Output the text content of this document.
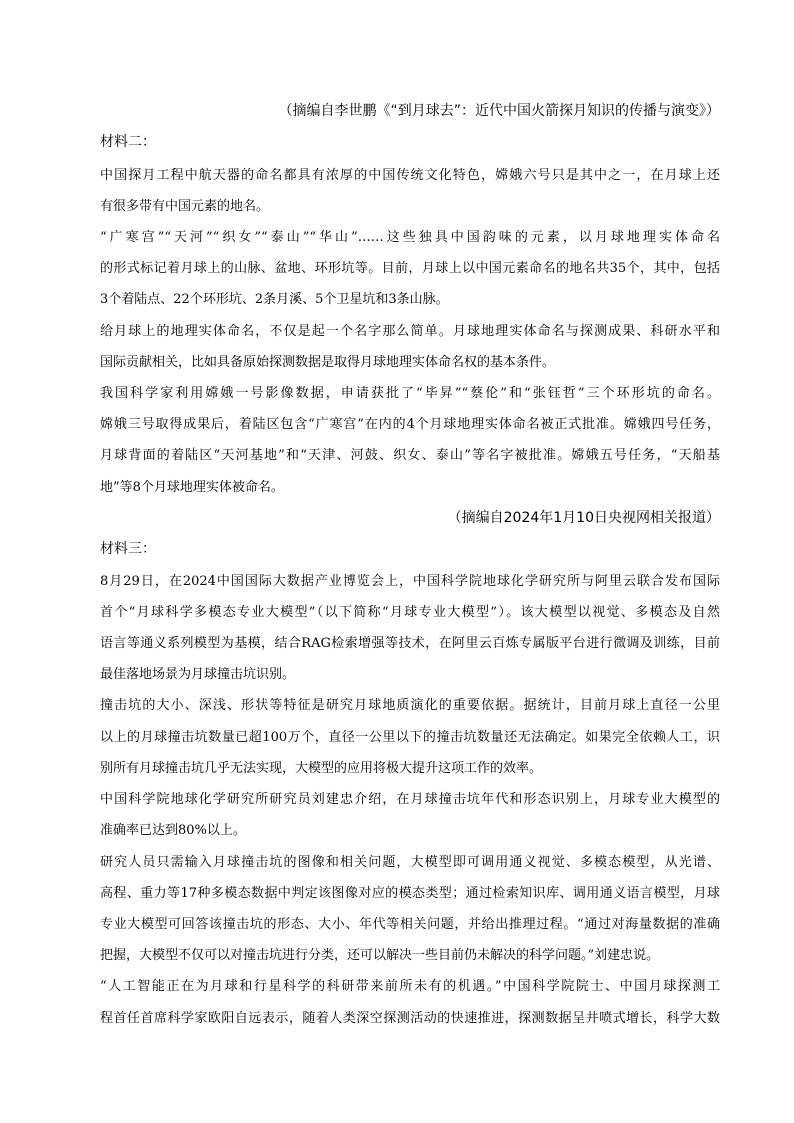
（摘编自李世鹏《“到月球去”：近代中国火箭探月知识的传播与演变》）
材料二：
中国探月工程中航天器的命名都具有浓厚的中国传统文化特色，嫦娥六号只是其中之一，在月球上还
有很多带有中国元素的地名。
“广寒宫”“天河”“织女”“泰山”“华山”……这些独具中国韵味的元素，以月球地理实体命名
的形式标记着月球上的山脉、盆地、环形坑等。目前，月球上以中国元素命名的地名共35个，其中，包括
3个着陆点、22个环形坑、2条月溪、5个卫星坑和3条山脉。
给月球上的地理实体命名，不仅是起一个名字那么简单。月球地理实体命名与探测成果、科研水平和
国际贡献相关，比如具备原始探测数据是取得月球地理实体命名权的基本条件。
我国科学家利用嫦娥一号影像数据，申请获批了“毕昇”“蔡伦”和“张钰哲”三个环形坑的命名。
嫦娥三号取得成果后，着陆区包含“广寒宫”在内的4个月球地理实体命名被正式批准。嫦娥四号任务，
月球背面的着陆区“天河基地”和“天津、河鼓、织女、泰山”等名字被批准。嫦娥五号任务，“天船基
地”等8个月球地理实体被命名。
（摘编自2024年1月10日央视网相关报道）
材料三：
8月29日，在2024中国国际大数据产业博览会上，中国科学院地球化学研究所与阿里云联合发布国际
首个“月球科学多模态专业大模型”（以下简称“月球专业大模型”）。该大模型以视觉、多模态及自然
语言等通义系列模型为基模，结合RAG检索增强等技术，在阿里云百炼专属版平台进行微调及训练，目前
最佳落地场景为月球撞击坑识别。
撞击坑的大小、深浅、形状等特征是研究月球地质演化的重要依据。据统计，目前月球上直径一公里
以上的月球撞击坑数量已超100万个，直径一公里以下的撞击坑数量还无法确定。如果完全依赖人工，识
别所有月球撞击坑几乎无法实现，大模型的应用将极大提升这项工作的效率。
中国科学院地球化学研究所研究员刘建忠介绍，在月球撞击坑年代和形态识别上，月球专业大模型的
准确率已达到80%以上。
研究人员只需输入月球撞击坑的图像和相关问题，大模型即可调用通义视觉、多模态模型，从光谱、
高程、重力等17种多模态数据中判定该图像对应的模态类型；通过检索知识库、调用通义语言模型，月球
专业大模型可回答该撞击坑的形态、大小、年代等相关问题，并给出推理过程。“通过对海量数据的准确
把握，大模型不仅可以对撞击坑进行分类，还可以解决一些目前仍未解决的科学问题。”刘建忠说。
“人工智能正在为月球和行星科学的科研带来前所未有的机遇。”中国科学院院士、中国月球探测工
程首任首席科学家欧阳自远表示，随着人类深空探测活动的快速推进，探测数据呈井喷式增长，科学大数
